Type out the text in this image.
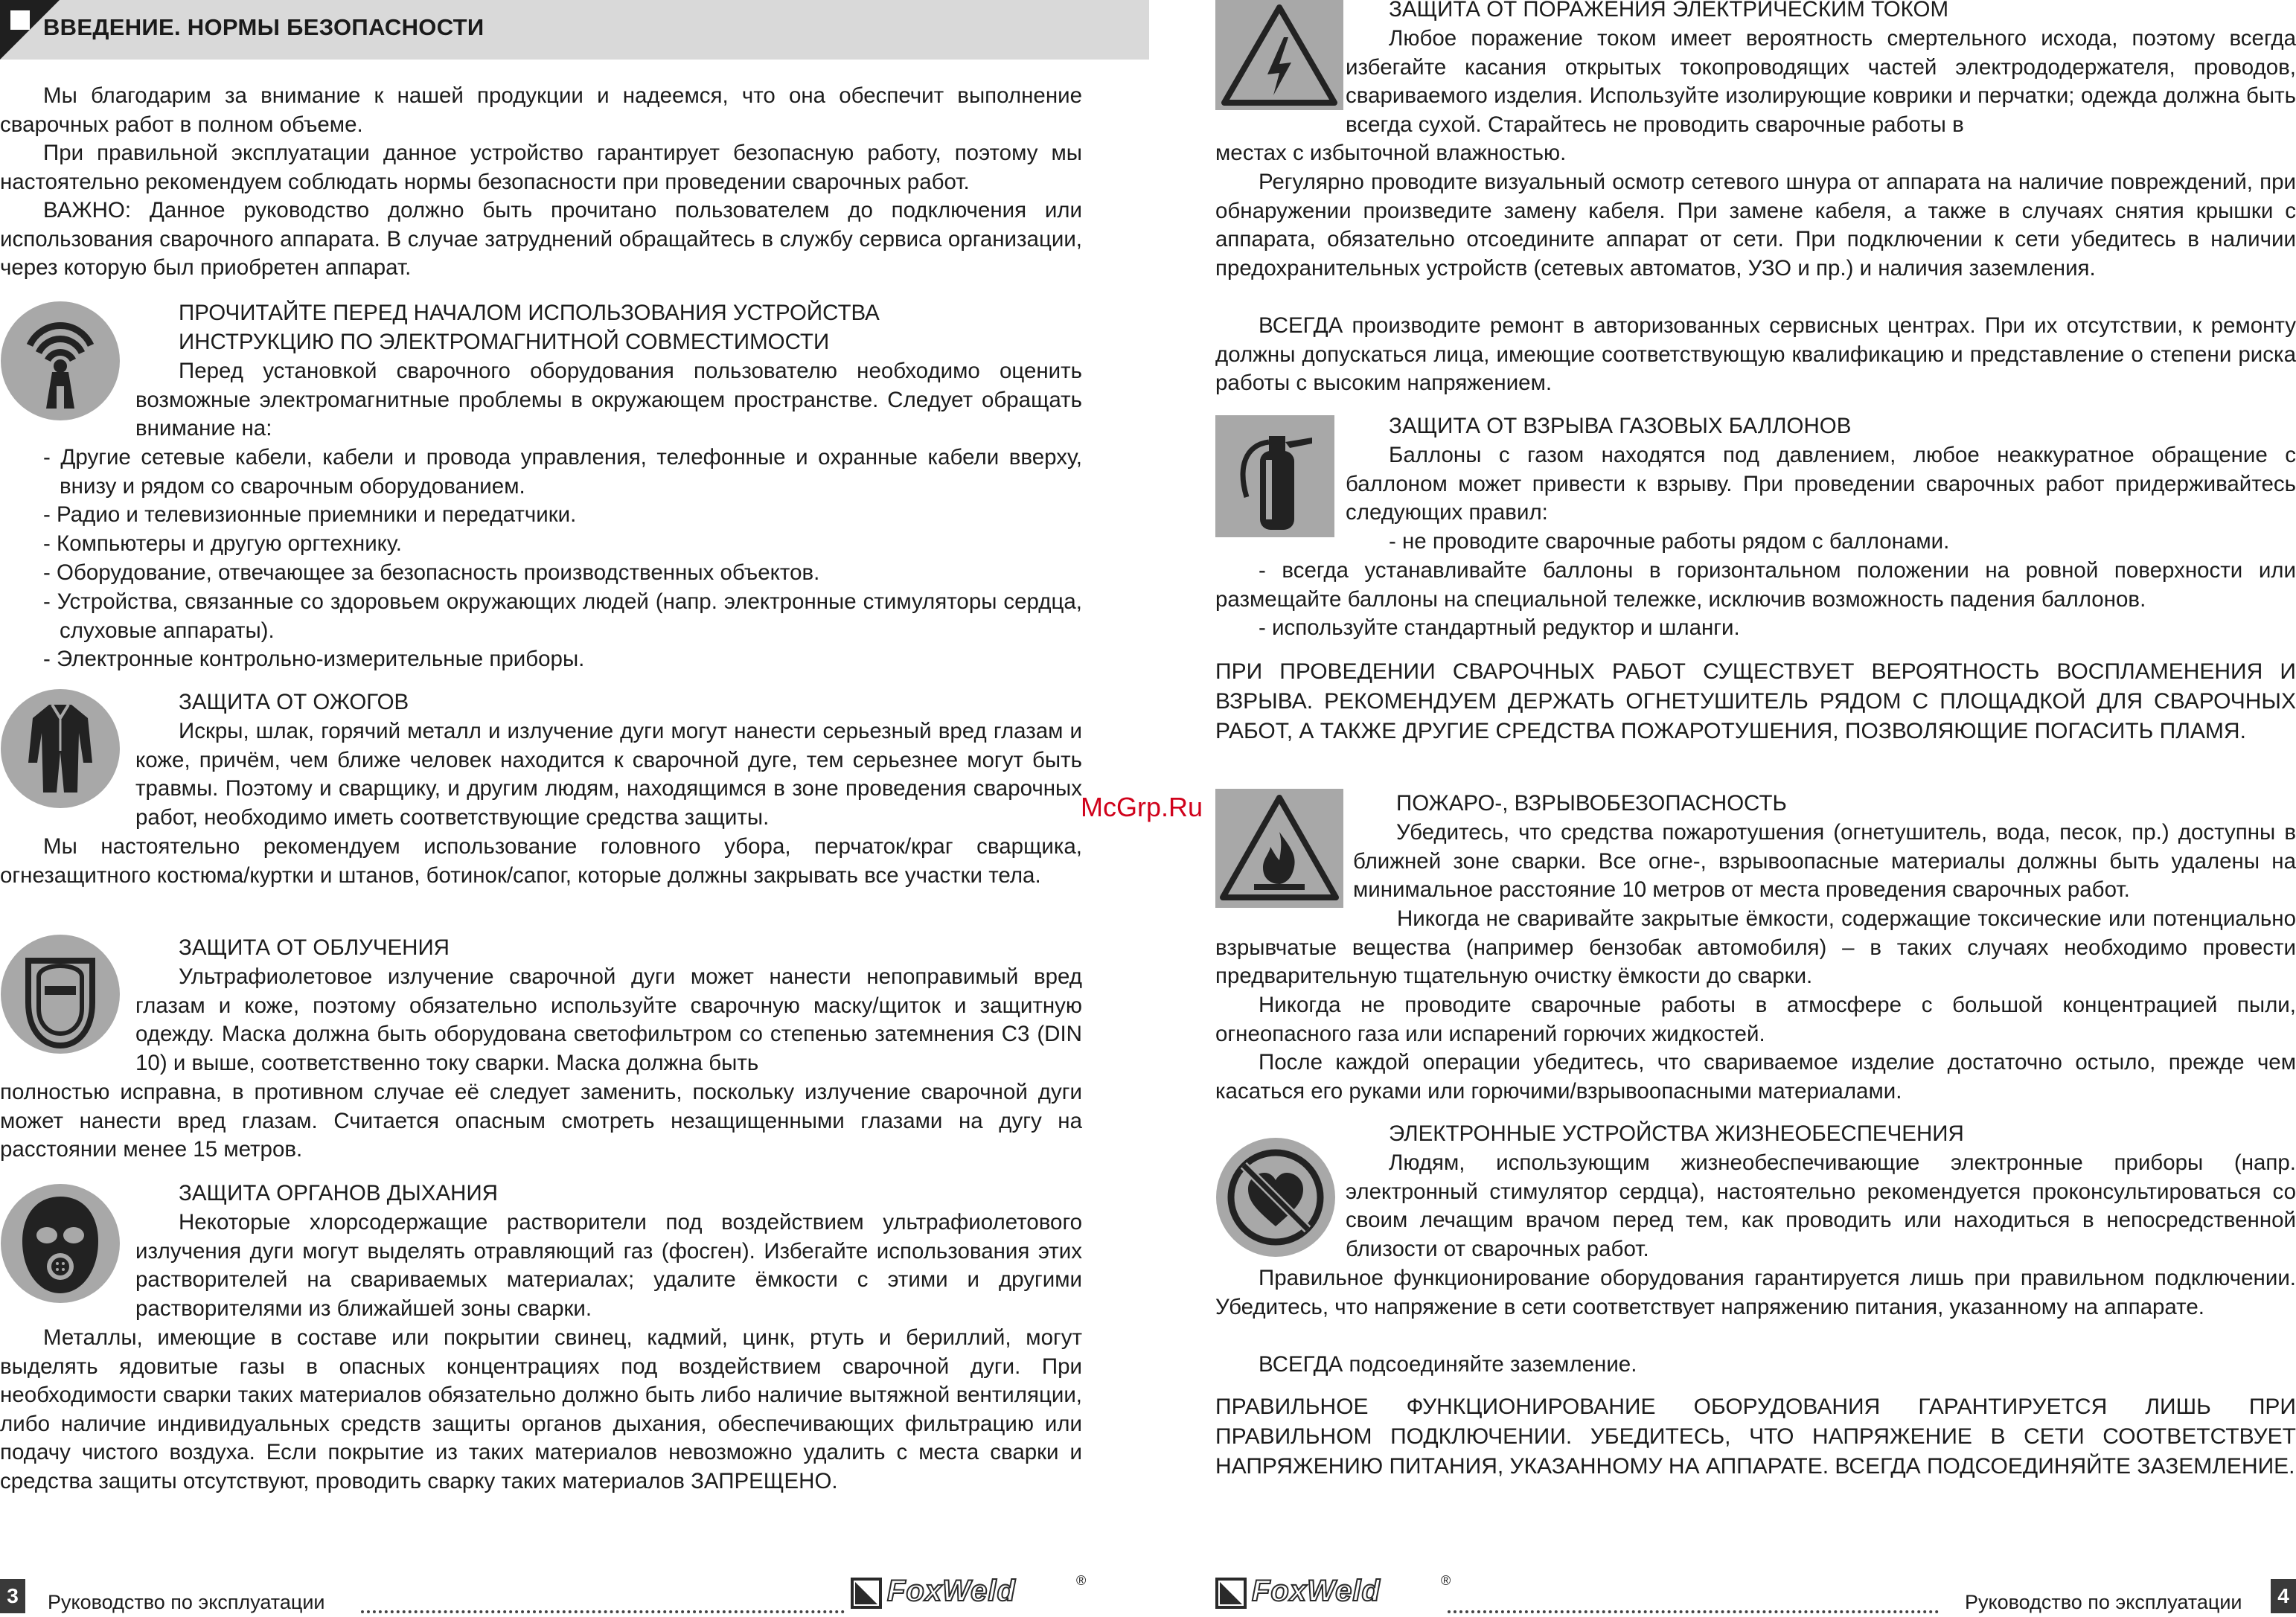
ВВЕДЕНИЕ. НОРМЫ БЕЗОПАСНОСТИ

Мы благодарим за внимание к нашей продукции и надеемся, что она обеспечит выполнение сварочных работ в полном объеме.

При правильной эксплуатации данное устройство гарантирует безопасную работу, поэтому мы настоятельно рекомендуем соблюдать нормы безопасности при проведении сварочных работ.

ВАЖНО: Данное руководство должно быть прочитано пользователем до подключения или использования сварочного аппарата. В случае затруднений обращайтесь в службу сервиса организации, через которую был приобретен аппарат.

ПРОЧИТАЙТЕ ПЕРЕД НАЧАЛОМ ИСПОЛЬЗОВАНИЯ УСТРОЙСТВА
ИНСТРУКЦИЮ ПО ЭЛЕКТРОМАГНИТНОЙ СОВМЕСТИМОСТИ

Перед установкой сварочного оборудования пользователю необходимо оценить возможные электромагнитные проблемы в окружающем пространстве. Следует обращать внимание на:

- Другие сетевые кабели, кабели и провода управления, телефонные и охранные кабели вверху, внизу и рядом со сварочным оборудованием.

- Радио и телевизионные приемники и передатчики.

- Компьютеры и другую оргтехнику.

- Оборудование, отвечающее за безопасность производственных объектов.

- Устройства, связанные со здоровьем окружающих людей (напр. электронные стимуляторы сердца, слуховые аппараты).

- Электронные контрольно-измерительные приборы.

ЗАЩИТА ОТ ОЖОГОВ

Искры, шлак, горячий металл и излучение дуги могут нанести серьезный вред глазам и коже, причём, чем ближе человек находится к сварочной дуге, тем серьезнее могут быть травмы. Поэтому и сварщику, и другим людям, находящимся в зоне проведения сварочных работ, необходимо иметь соответствующие средства защиты.

Мы настоятельно рекомендуем использование головного убора, перчаток/краг сварщика, огнезащитного костюма/куртки и штанов, ботинок/сапог, которые должны закрывать все участки тела.

ЗАЩИТА ОТ ОБЛУЧЕНИЯ

Ультрафиолетовое излучение сварочной дуги может нанести непоправимый вред глазам и коже, поэтому обязательно используйте сварочную маску/щиток и защитную одежду. Маска должна быть оборудована светофильтром со степенью затемнения С3 (DIN 10) и выше, соответственно току сварки. Маска должна быть

полностью исправна, в противном случае её следует заменить, поскольку излучение сварочной дуги может нанести вред глазам. Считается опасным смотреть незащищенными глазами на дугу на расстоянии менее 15 метров.

ЗАЩИТА ОРГАНОВ ДЫХАНИЯ

Некоторые хлорсодержащие растворители под воздействием ультрафиолетового излучения дуги могут выделять отравляющий газ (фосген). Избегайте использования этих растворителей на свариваемых материалах; удалите ёмкости с этими и другими растворителями из ближайшей зоны сварки.

Металлы, имеющие в составе или покрытии свинец, кадмий, цинк, ртуть и бериллий, могут выделять ядовитые газы в опасных концентрациях под воздействием сварочной дуги. При необходимости сварки таких материалов обязательно должно быть либо наличие вытяжной вентиляции, либо наличие индивидуальных средств защиты органов дыхания, обеспечивающих фильтрацию или подачу чистого воздуха. Если покрытие из таких материалов невозможно удалить с места сварки и средства защиты отсутствуют, проводить сварку таких материалов ЗАПРЕЩЕНО.

3	Руководство по эксплуатации	FoxWeld	®
ЗАЩИТА ОТ ПОРАЖЕНИЯ ЭЛЕКТРИЧЕСКИМ ТОКОМ

Любое поражение током имеет вероятность смертельного исхода, поэтому всегда избегайте касания открытых токопроводящих частей электрододержателя, проводов, свариваемого изделия. Используйте изолирующие коврики и перчатки; одежда должна быть всегда сухой. Старайтесь не проводить сварочные работы в

местах с избыточной влажностью.

Регулярно проводите визуальный осмотр сетевого шнура от аппарата на наличие повреждений, при обнаружении произведите замену кабеля. При замене кабеля, а также в случаях снятия крышки с аппарата, обязательно отсоедините аппарат от сети. При подключении к сети убедитесь в наличии предохранительных устройств (сетевых автоматов, УЗО и пр.) и наличия заземления.

ВСЕГДА производите ремонт в авторизованных сервисных центрах. При их отсутствии, к ремонту должны допускаться лица, имеющие соответствующую квалификацию и представление о степени риска работы с высоким напряжением.

ЗАЩИТА ОТ ВЗРЫВА ГАЗОВЫХ БАЛЛОНОВ

Баллоны с газом находятся под давлением, любое неаккуратное обращение с баллоном может привести к взрыву. При проведении сварочных работ придерживайтесь следующих правил:

- не проводите сварочные работы рядом с баллонами.

- всегда устанавливайте баллоны в горизонтальном положении на ровной поверхности или размещайте баллоны на специальной тележке, исключив возможность падения баллонов.

- используйте стандартный редуктор и шланги.

ПРИ ПРОВЕДЕНИИ СВАРОЧНЫХ РАБОТ СУЩЕСТВУЕТ ВЕРОЯТНОСТЬ ВОСПЛАМЕНЕНИЯ И ВЗРЫВА. РЕКОМЕНДУЕМ ДЕРЖАТЬ ОГНЕТУШИТЕЛЬ РЯДОМ С ПЛОЩАДКОЙ ДЛЯ СВАРОЧНЫХ РАБОТ, А ТАКЖЕ ДРУГИЕ СРЕДСТВА ПОЖАРОТУШЕНИЯ, ПОЗВОЛЯЮЩИЕ ПОГАСИТЬ ПЛАМЯ.

ПОЖАРО-, ВЗРЫВОБЕЗОПАСНОСТЬ

Убедитесь, что средства пожаротушения (огнетушитель, вода, песок, пр.) доступны в ближней зоне сварки. Все огне-, взрывоопасные материалы должны быть удалены на минимальное расстояние 10 метров от места проведения сварочных работ.

Никогда не сваривайте закрытые ёмкости, содержащие токсические или потенциально взрывчатые вещества (например бензобак автомобиля) – в таких случаях необходимо провести предварительную тщательную очистку ёмкости до сварки.

Никогда не проводите сварочные работы в атмосфере с большой концентрацией пыли, огнеопасного газа или испарений горючих жидкостей.

После каждой операции убедитесь, что свариваемое изделие достаточно остыло, прежде чем касаться его руками или горючими/взрывоопасными материалами.

ЭЛЕКТРОННЫЕ УСТРОЙСТВА ЖИЗНЕОБЕСПЕЧЕНИЯ

Людям, использующим жизнеобеспечивающие электронные приборы (напр. электронный стимулятор сердца), настоятельно рекомендуется проконсультироваться со своим лечащим врачом перед тем, как проводить или находиться в непосредственной близости от сварочных работ.

Правильное функционирование оборудования гарантируется лишь при правильном подключении. Убедитесь, что напряжение в сети соответствует напряжению питания, указанному на аппарате.

ВСЕГДА подсоединяйте заземление.

ПРАВИЛЬНОЕ ФУНКЦИОНИРОВАНИЕ ОБОРУДОВАНИЯ ГАРАНТИРУЕТСЯ ЛИШЬ ПРИ ПРАВИЛЬНОМ ПОДКЛЮЧЕНИИ. УБЕДИТЕСЬ, ЧТО НАПРЯЖЕНИЕ В СЕТИ СООТВЕТСТВУЕТ НАПРЯЖЕНИЮ ПИТАНИЯ, УКАЗАННОМУ НА АППАРАТЕ. ВСЕГДА ПОДСОЕДИНЯЙТЕ ЗАЗЕМЛЕНИЕ.

FoxWeld	®
Руководство по эксплуатации	4
McGrp.Ru
